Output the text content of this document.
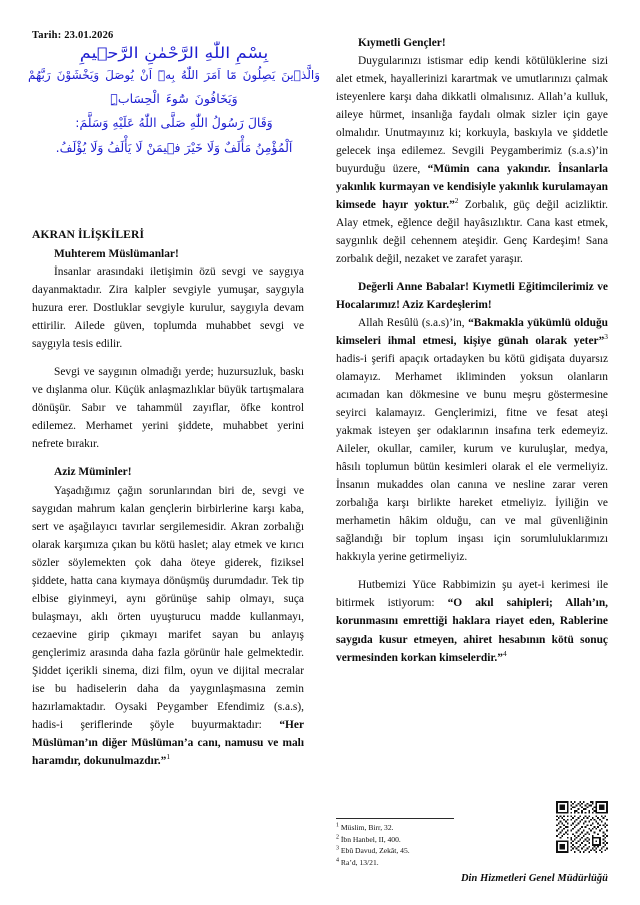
Tarih: 23.01.2026
بِسْمِ اللّٰهِ الرَّحْمٰنِ الرَّح۪يمِ
وَالَّذ۪ينَ يَصِلُونَ مَٓا اَمَرَ اللّٰهُ بِه۪ٓ اَنْ يُوصَلَ وَيَخْشَوْنَ رَبَّهُمْ
وَيَخَافُونَ سُٓوءَ الْحِسَابِۜ
وَقَالَ رَسُولُ اللّٰهِ صَلَّى اللّٰهُ عَلَيْهِ وَسَلَّمَ:
اَلْمُؤْمِنُ مَأْلَفٌ وَلَا خَيْرَ ف۪يمَنْ لَا يَأْلَفُ وَلَا يُؤْلَفُ.
AKRAN İLİŞKİLERİ
Muhterem Müslümanlar!

İnsanlar arasındaki iletişimin özü sevgi ve saygıya dayanmaktadır. Zira kalpler sevgiyle yumuşar, saygıyla huzura erer. Dostluklar sevgiyle kurulur, saygıyla devam ettirilir. Ailede güven, toplumda muhabbet sevgi ve saygıyla tesis edilir.

Sevgi ve saygının olmadığı yerde; huzursuzluk, baskı ve dışlanma olur. Küçük anlaşmazlıklar büyük tartışmalara dönüşür. Sabır ve tahammül zayıflar, öfke kontrol edilemez. Merhamet yerini şiddete, muhabbet yerini nefrete bırakır.

Aziz Müminler!

Yaşadığımız çağın sorunlarından biri de, sevgi ve saygıdan mahrum kalan gençlerin birbirlerine karşı kaba, sert ve aşağılayıcı tavırlar sergilemesidir. Akran zorbalığı olarak karşımıza çıkan bu kötü haslet; alay etmek ve kırıcı sözler söylemekten çok daha öteye giderek, fiziksel şiddete, hatta cana kıymaya dönüşmüş durumdadır. Tek tip elbise giyinmeyi, aynı görünüşe sahip olmayı, suça bulaşmayı, aklı örten uyuşturucu madde kullanmayı, cezaevine girip çıkmayı marifet sayan bu anlayış gençlerimiz arasında daha fazla görünür hale gelmektedir. Şiddet içerikli sinema, dizi film, oyun ve dijital mecralar ise bu hadiselerin daha da yaygınlaşmasına zemin hazırlamaktadır. Oysaki Peygamber Efendimiz (s.a.s), hadis-i şeriflerinde şöyle buyurmaktadır: “Her Müslüman’ın diğer Müslüman’a canı, namusu ve malı haramdır, dokunulmazdır.”$^1$

Kıymetli Gençler!

Duygularınızı istismar edip kendi kötülüklerine sizi alet etmek, hayallerinizi karartmak ve umutlarınızı çalmak isteyenlere karşı daha dikkatli olmalısınız. Allah’a kulluk, aileye hürmet, insanlığa faydalı olmak sizler için gaye olmalıdır. Unutmayınız ki; korkuyla, baskıyla ve şiddetle gelecek inşa edilemez. Sevgili Peygamberimiz (s.a.s)’in buyurduğu üzere, “Mümin cana yakındır. İnsanlarla yakınlık kurmayan ve kendisiyle yakınlık kurulamayan kimsede hayır yoktur.”$^2$ Zorbalık, güç değil acizliktir. Alay etmek, eğlence değil hayâsızlıktır. Cana kast etmek, saygınlık değil cehennem ateşidir. Genç Kardeşim! Sana zorbalık değil, nezaket ve zarafet yaraşır.

Değerli Anne Babalar! Kıymetli Eğitimcilerimiz ve Hocalarımız! Aziz Kardeşlerim!

Allah Resûlü (s.a.s)’in, “Bakmakla yükümlü olduğu kimseleri ihmal etmesi, kişiye günah olarak yeter”$^3$ hadis-i şerifi apaçık ortadayken bu kötü gidişata duyarsız olamayız. Merhamet ikliminden yoksun olanların acımadan kan dökmesine ve bunu meşru göstermesine seyirci kalamayız. Gençlerimizi, fitne ve fesat ateşi yakmak isteyen şer odaklarının insafına terk edemeyiz. Aileler, okullar, camiler, kurum ve kuruluşlar, medya, hâsılı toplumun bütün kesimleri olarak el ele vermeliyiz. İnsanın mukaddes olan canına ve nesline zarar veren zorbalığa karşı birlikte hareket etmeliyiz. İyiliğin ve merhametin hâkim olduğu, can ve mal güvenliğinin sağlandığı bir toplum inşası için sorumluluklarımızı hakkıyla yerine getirmeliyiz.

Hutbemizi Yüce Rabbimizin şu ayet-i kerimesi ile bitirmek istiyorum: “O akıl sahipleri; Allah’ın, korunmasını emrettiği haklara riayet eden, Rablerine saygıda kusur etmeyen, ahiret hesabının kötü sonuç vermesinden korkan kimselerdir.”$^4$

$^1$ Müslim, Birr, 32.
$^2$ İbn Hanbel, II, 400.
$^3$ Ebû Davud, Zekât, 45.
$^4$ Ra’d, 13/21.
Din Hizmetleri Genel Müdürlüğü
